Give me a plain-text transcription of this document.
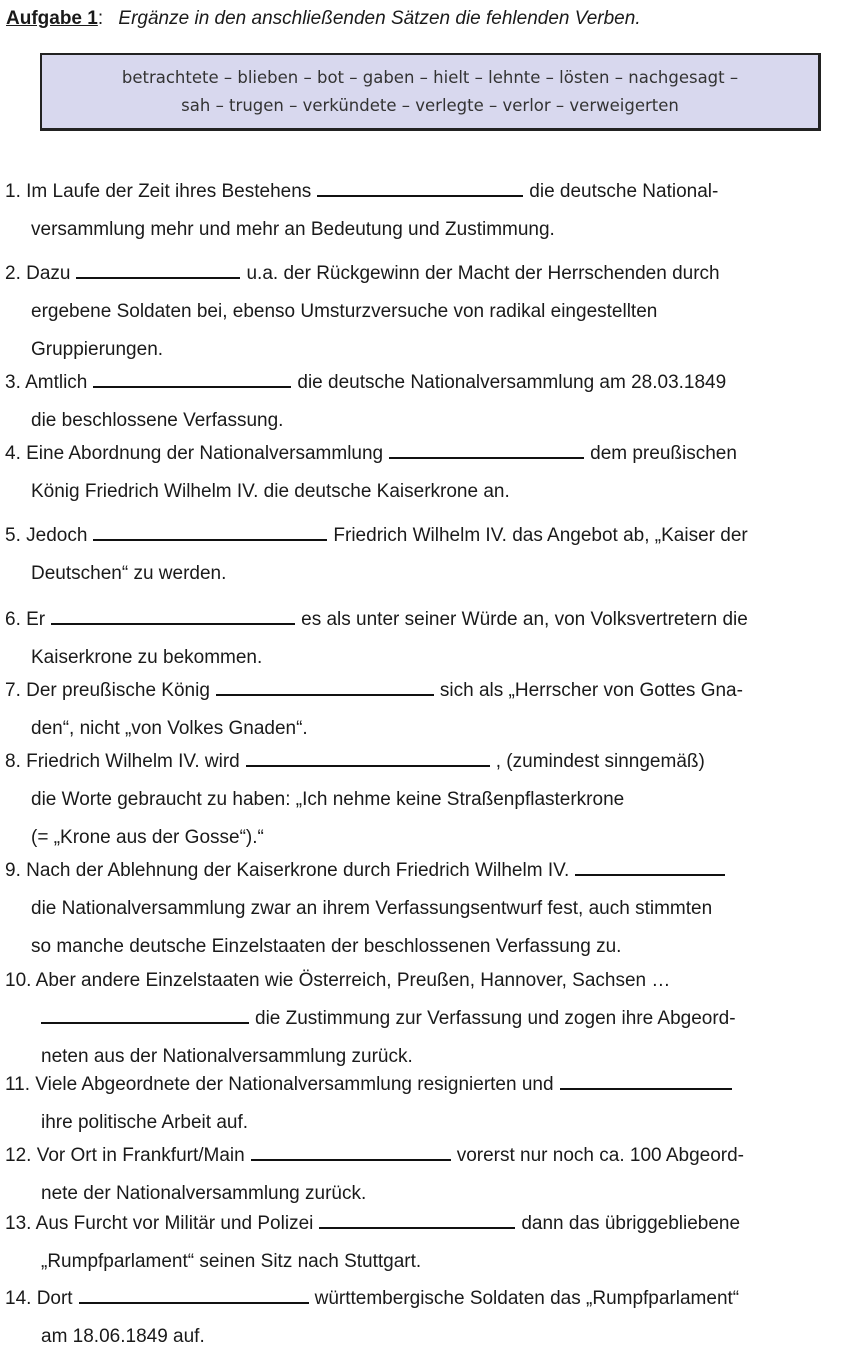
Aufgabe 1: Ergänze in den anschließenden Sätzen die fehlenden Verben.
betrachtete – blieben – bot – gaben – hielt – lehnte – lösten – nachgesagt –
sah – trugen – verkündete – verlegte – verlor – verweigerten
1. Im Laufe der Zeit ihres Bestehens	die deutsche National-
versammlung mehr und mehr an Bedeutung und Zustimmung.
2. Dazu	u.a. der Rückgewinn der Macht der Herrschenden durch
ergebene Soldaten bei, ebenso Umsturzversuche von radikal eingestellten
Gruppierungen.
3. Amtlich	die deutsche Nationalversammlung am 28.03.1849
die beschlossene Verfassung.
4. Eine Abordnung der Nationalversammlung	dem preußischen
König Friedrich Wilhelm IV. die deutsche Kaiserkrone an.
5. Jedoch	Friedrich Wilhelm IV. das Angebot ab, „Kaiser der
Deutschen“ zu werden.
6. Er	es als unter seiner Würde an, von Volksvertretern die
Kaiserkrone zu bekommen.
7. Der preußische König	sich als „Herrscher von Gottes Gna-
den“, nicht „von Volkes Gnaden“.
8. Friedrich Wilhelm IV. wird	, (zumindest sinngemäß)
die Worte gebraucht zu haben: „Ich nehme keine Straßenpflasterkrone
(= „Krone aus der Gosse“).“
9. Nach der Ablehnung der Kaiserkrone durch Friedrich Wilhelm IV.
die Nationalversammlung zwar an ihrem Verfassungsentwurf fest, auch stimmten
so manche deutsche Einzelstaaten der beschlossenen Verfassung zu.
10. Aber andere Einzelstaaten wie Österreich, Preußen, Hannover, Sachsen …
die Zustimmung zur Verfassung und zogen ihre Abgeord-
neten aus der Nationalversammlung zurück.
11. Viele Abgeordnete der Nationalversammlung resignierten und
ihre politische Arbeit auf.
12. Vor Ort in Frankfurt/Main	vorerst nur noch ca. 100 Abgeord-
nete der Nationalversammlung zurück.
13. Aus Furcht vor Militär und Polizei	dann das übriggebliebene
„Rumpfparlament“ seinen Sitz nach Stuttgart.
14. Dort	württembergische Soldaten das „Rumpfparlament“
am 18.06.1849 auf.
